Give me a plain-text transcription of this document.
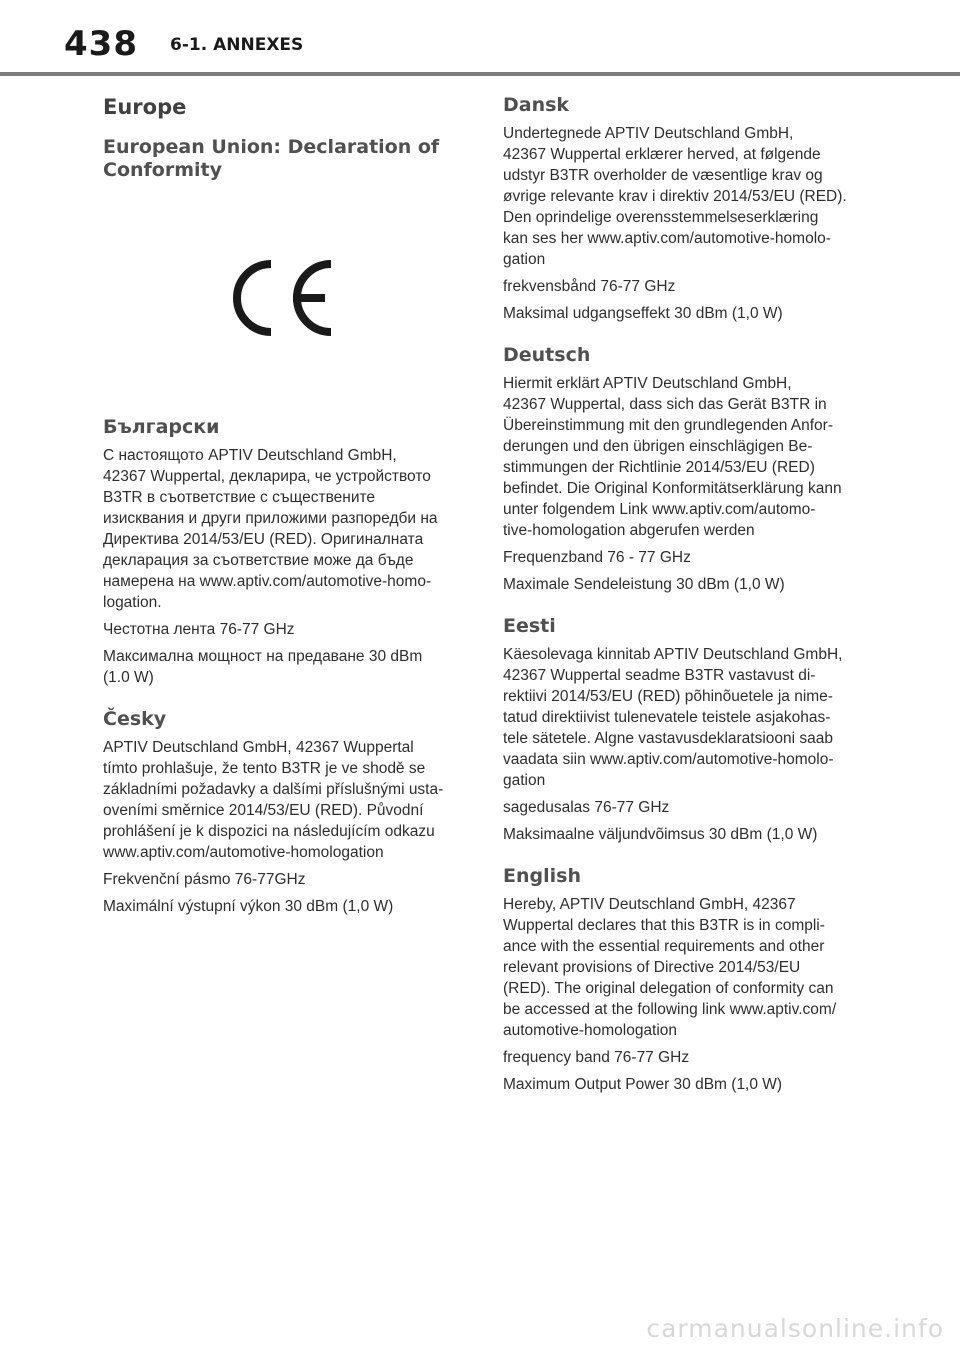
438 6-1. ANNEXES
Europe
European Union: Declaration of
Conformity
Български

С настоящото APTIV Deutschland GmbH,
42367 Wuppertal, декларира, че устройството
B3TR в съответствие с съществените
изисквания и други приложими разпоредби на
Директива 2014/53/EU (RED). Оригиналната
декларация за съответствие може да бъде
намерена на www.aptiv.com/automotive-homo-
logation.

Честотна лента 76-77 GHz

Максимална мощност на предаване 30 dBm
(1.0 W)

Česky

APTIV Deutschland GmbH, 42367 Wuppertal
tímto prohlašuje, že tento B3TR je ve shodě se
základními požadavky a dalšími příslušnými usta-
oveními směrnice 2014/53/EU (RED). Původní
prohlášení je k dispozici na následujícím odkazu
www.aptiv.com/automotive-homologation

Frekvenční pásmo 76-77GHz

Maximální výstupní výkon 30 dBm (1,0 W)

Dansk

Undertegnede APTIV Deutschland GmbH,
42367 Wuppertal erklærer herved, at følgende
udstyr B3TR overholder de væsentlige krav og
øvrige relevante krav i direktiv 2014/53/EU (RED).
Den oprindelige overensstemmelseserklæring
kan ses her www.aptiv.com/automotive-homolo-
gation

frekvensbånd 76-77 GHz

Maksimal udgangseffekt 30 dBm (1,0 W)

Deutsch

Hiermit erklärt APTIV Deutschland GmbH,
42367 Wuppertal, dass sich das Gerät B3TR in
Übereinstimmung mit den grundlegenden Anfor-
derungen und den übrigen einschlägigen Be-
stimmungen der Richtlinie 2014/53/EU (RED)
befindet. Die Original Konformitätserklärung kann
unter folgendem Link www.aptiv.com/automo-
tive-homologation abgerufen werden

Frequenzband 76 - 77 GHz

Maximale Sendeleistung 30 dBm (1,0 W)

Eesti

Käesolevaga kinnitab APTIV Deutschland GmbH,
42367 Wuppertal seadme B3TR vastavust di-
rektiivi 2014/53/EU (RED) põhinõuetele ja nime-
tatud direktiivist tulenevatele teistele asjakohas-
tele sätetele. Algne vastavusdeklaratsiooni saab
vaadata siin www.aptiv.com/automotive-homolo-
gation

sagedusalas 76-77 GHz

Maksimaalne väljundvõimsus 30 dBm (1,0 W)

English

Hereby, APTIV Deutschland GmbH, 42367
Wuppertal declares that this B3TR is in compli-
ance with the essential requirements and other
relevant provisions of Directive 2014/53/EU
(RED). The original delegation of conformity can
be accessed at the following link www.aptiv.com/
automotive-homologation

frequency band 76-77 GHz

Maximum Output Power 30 dBm (1,0 W)

carmanualsonline.info
